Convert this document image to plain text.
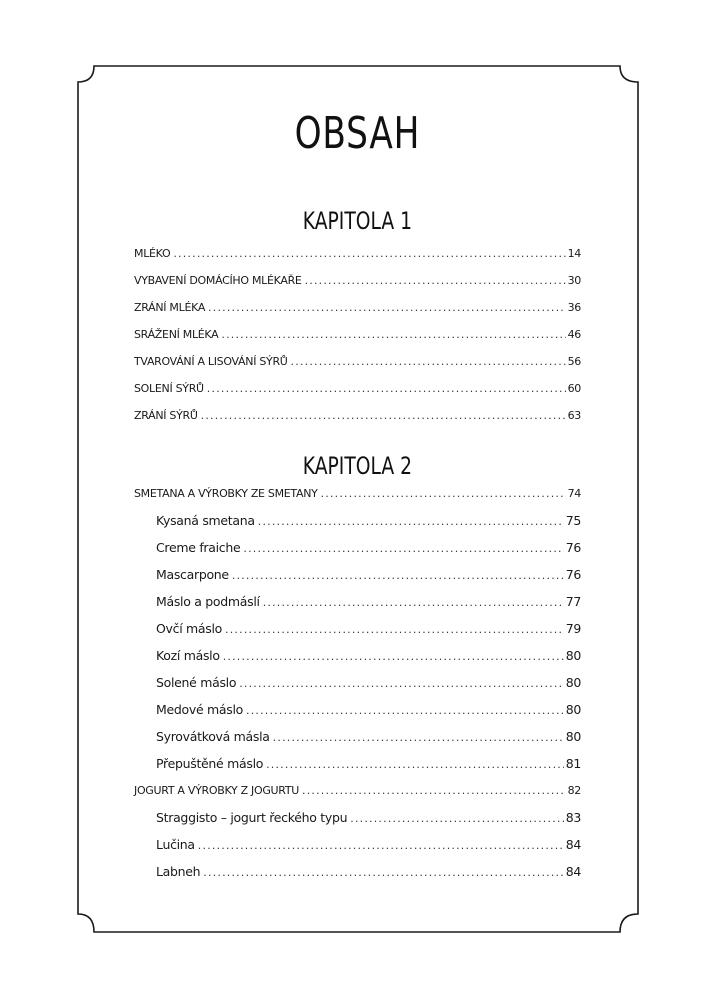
OBSAH
KAPITOLA 1
MLÉKO .....	14
VYBAVENÍ DOMÁCÍHO MLÉKAŘE .....	30
ZRÁNÍ MLÉKA .....	36
SRÁŽENÍ MLÉKA .....	46
TVAROVÁNÍ A LISOVÁNÍ SÝRŮ .....	56
SOLENÍ SÝRŮ .....	60
ZRÁNÍ SÝRŮ .....	63
KAPITOLA 2
SMETANA A VÝROBKY ZE SMETANY .....	74
Kysaná smetana .....	75
Creme fraiche .....	76
Mascarpone .....	76
Máslo a podmáslí .....	77
Ovčí máslo .....	79
Kozí máslo .....	80
Solené máslo .....	80
Medové máslo .....	80
Syrovátková másla .....	80
Přepuštěné máslo .....	81
JOGURT A VÝROBKY Z JOGURTU .....	82
Straggisto – jogurt řeckého typu .....	83
Lučina .....	84
Labneh .....	84
